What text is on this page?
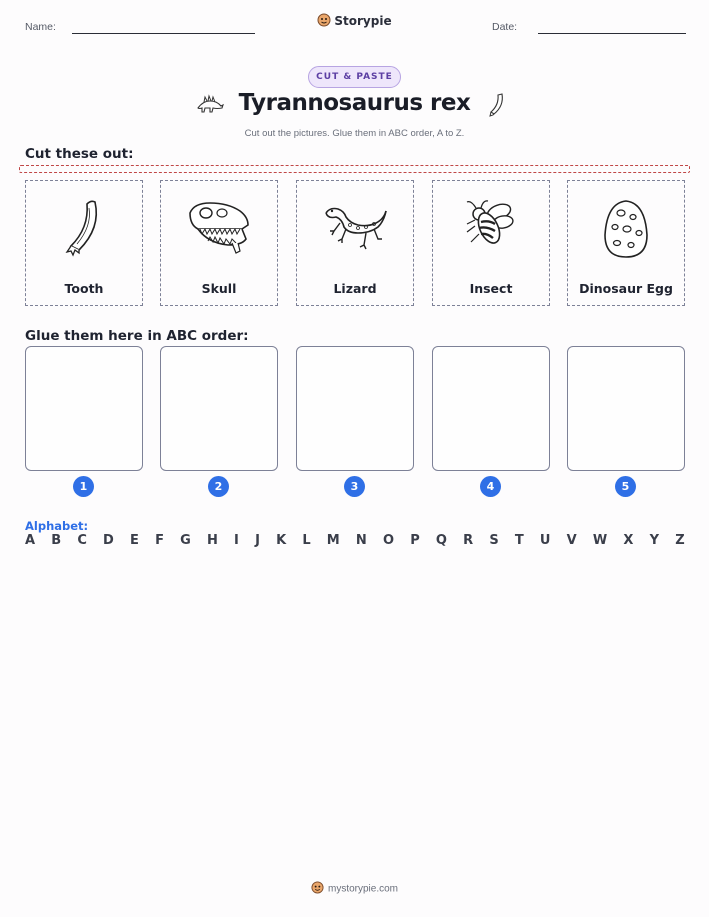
Name:	Storypie	Date:
CUT & PASTE
Tyrannosaurus rex
Cut out the pictures. Glue them in ABC order, A to Z.
Cut these out:
Tooth	Skull	Lizard	Insect	Dinosaur Egg
Glue them here in ABC order:
1	2	3	4	5
Alphabet:
A B C D E F G H I J K L M N O P Q R S T U V W X Y Z
mystorypie.com
